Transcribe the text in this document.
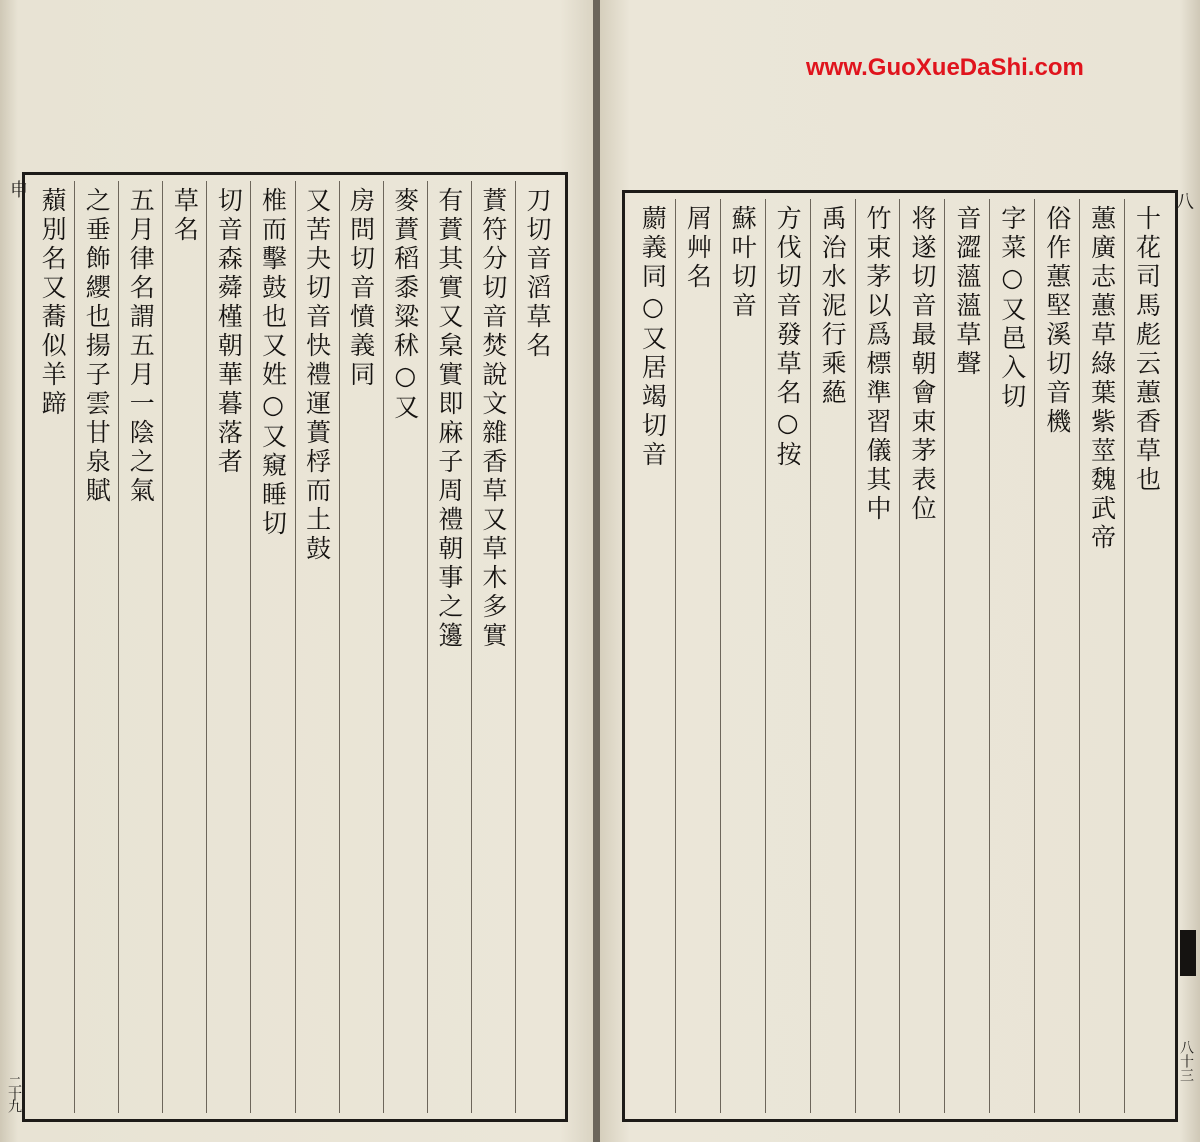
申
二十九
刀切音滔草名
蕡符分切音焚說文雜香草又草木多實
有蕡其實又枲實即麻子周禮朝事之籩
麥蕡稻黍粱秫○又
房問切音憤義同
又苦夬切音快禮運蕢桴而土鼓
椎而擊鼓也又姓○又窺睡切
切音森蕣槿朝華暮落者
草名
五月律名謂五月一陰之氣
之垂飾纓也揚子雲甘泉賦
蘈別名又蕎似羊蹄	八
八十三
十花司馬彪云蕙香草也
蕙廣志蕙草綠葉紫莖魏武帝
俗作蕙堅溪切音機
字菜○又邑入切
音澀薀薀草聲
将遂切音最朝會束茅表位
竹束茅以爲標準習儀其中
禹治水泥行乘蕝
方伐切音發草名○按
蘇叶切音
屑艸名
蘮義同○又居竭切音
www.GuoXueDaShi.com
